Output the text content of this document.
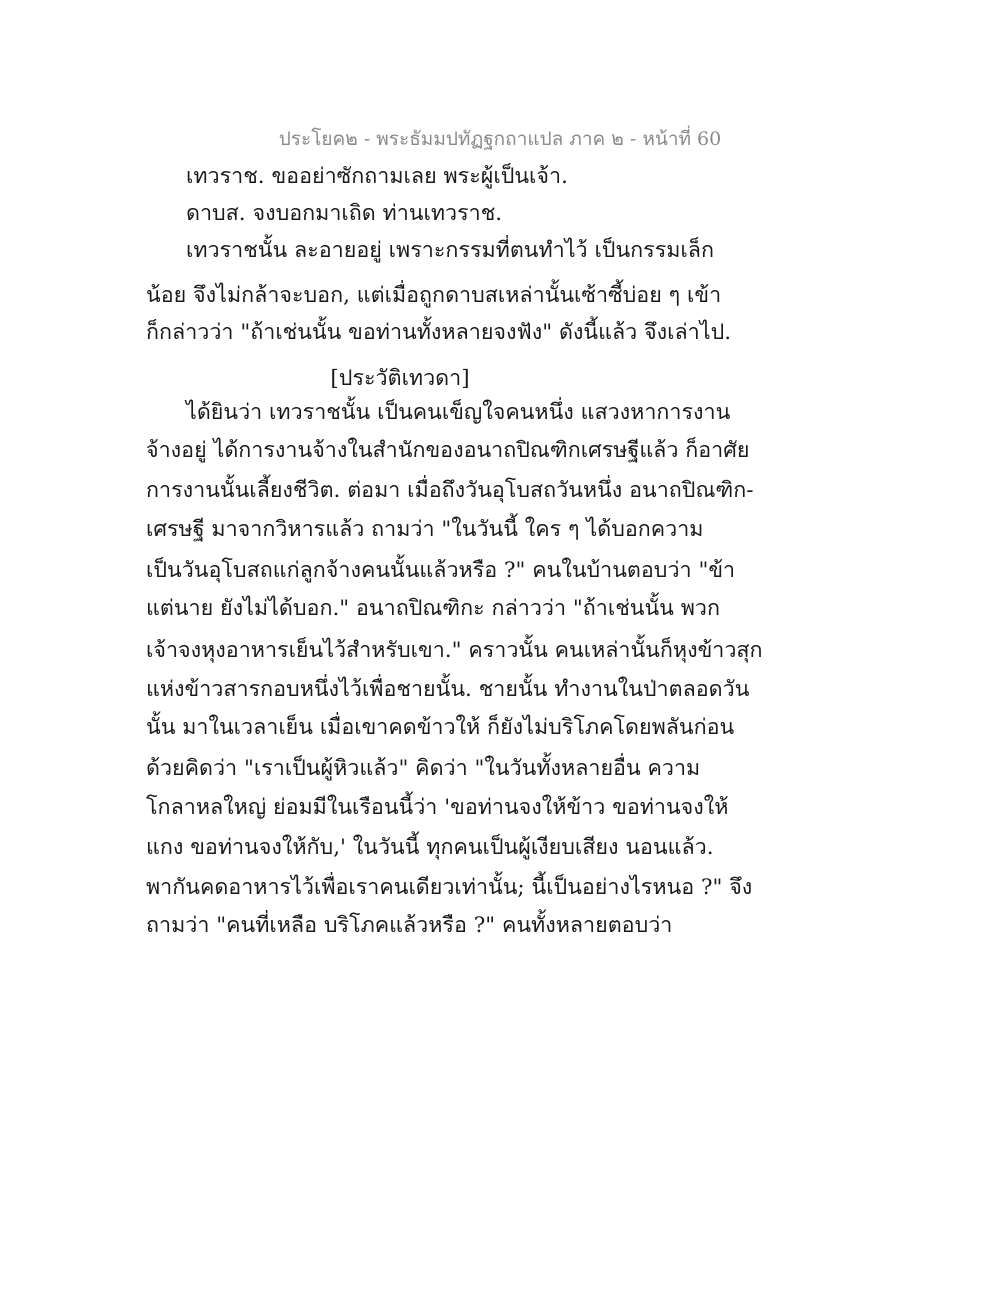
ประโยค๒ - พระธัมมปทัฏฐกถาแปล ภาค ๒ - หน้าที่ 60
เทวราช. ขออย่าซักถามเลย พระผู้เป็นเจ้า.
ดาบส. จงบอกมาเถิด ท่านเทวราช.
เทวราชนั้น ละอายอยู่ เพราะกรรมที่ตนทำไว้ เป็นกรรมเล็ก
น้อย จึงไม่กล้าจะบอก, แต่เมื่อถูกดาบสเหล่านั้นเซ้าซี้บ่อย ๆ เข้า
ก็กล่าวว่า "ถ้าเช่นนั้น ขอท่านทั้งหลายจงฟัง" ดังนี้แล้ว จึงเล่าไป.
[ประวัติเทวดา]
ได้ยินว่า เทวราชนั้น เป็นคนเข็ญใจคนหนึ่ง แสวงหาการงาน
จ้างอยู่ ได้การงานจ้างในสำนักของอนาถปิณฑิกเศรษฐีแล้ว ก็อาศัย
การงานนั้นเลี้ยงชีวิต. ต่อมา เมื่อถึงวันอุโบสถวันหนึ่ง อนาถปิณฑิก-
เศรษฐี มาจากวิหารแล้ว ถามว่า "ในวันนี้ ใคร ๆ ได้บอกความ
เป็นวันอุโบสถแก่ลูกจ้างคนนั้นแล้วหรือ ?" คนในบ้านตอบว่า "ข้า
แต่นาย ยังไม่ได้บอก." อนาถปิณฑิกะ กล่าวว่า "ถ้าเช่นนั้น พวก
เจ้าจงหุงอาหารเย็นไว้สำหรับเขา." คราวนั้น คนเหล่านั้นก็หุงข้าวสุก
แห่งข้าวสารกอบหนึ่งไว้เพื่อชายนั้น. ชายนั้น ทำงานในป่าตลอดวัน
นั้น มาในเวลาเย็น เมื่อเขาคดข้าวให้ ก็ยังไม่บริโภคโดยพลันก่อน
ด้วยคิดว่า "เราเป็นผู้หิวแล้ว" คิดว่า "ในวันทั้งหลายอื่น ความ
โกลาหลใหญ่ ย่อมมีในเรือนนี้ว่า 'ขอท่านจงให้ข้าว ขอท่านจงให้
แกง ขอท่านจงให้กับ,' ในวันนี้ ทุกคนเป็นผู้เงียบเสียง นอนแล้ว.
พากันคดอาหารไว้เพื่อเราคนเดียวเท่านั้น; นี้เป็นอย่างไรหนอ ?" จึง
ถามว่า "คนที่เหลือ บริโภคแล้วหรือ ?" คนทั้งหลายตอบว่า
